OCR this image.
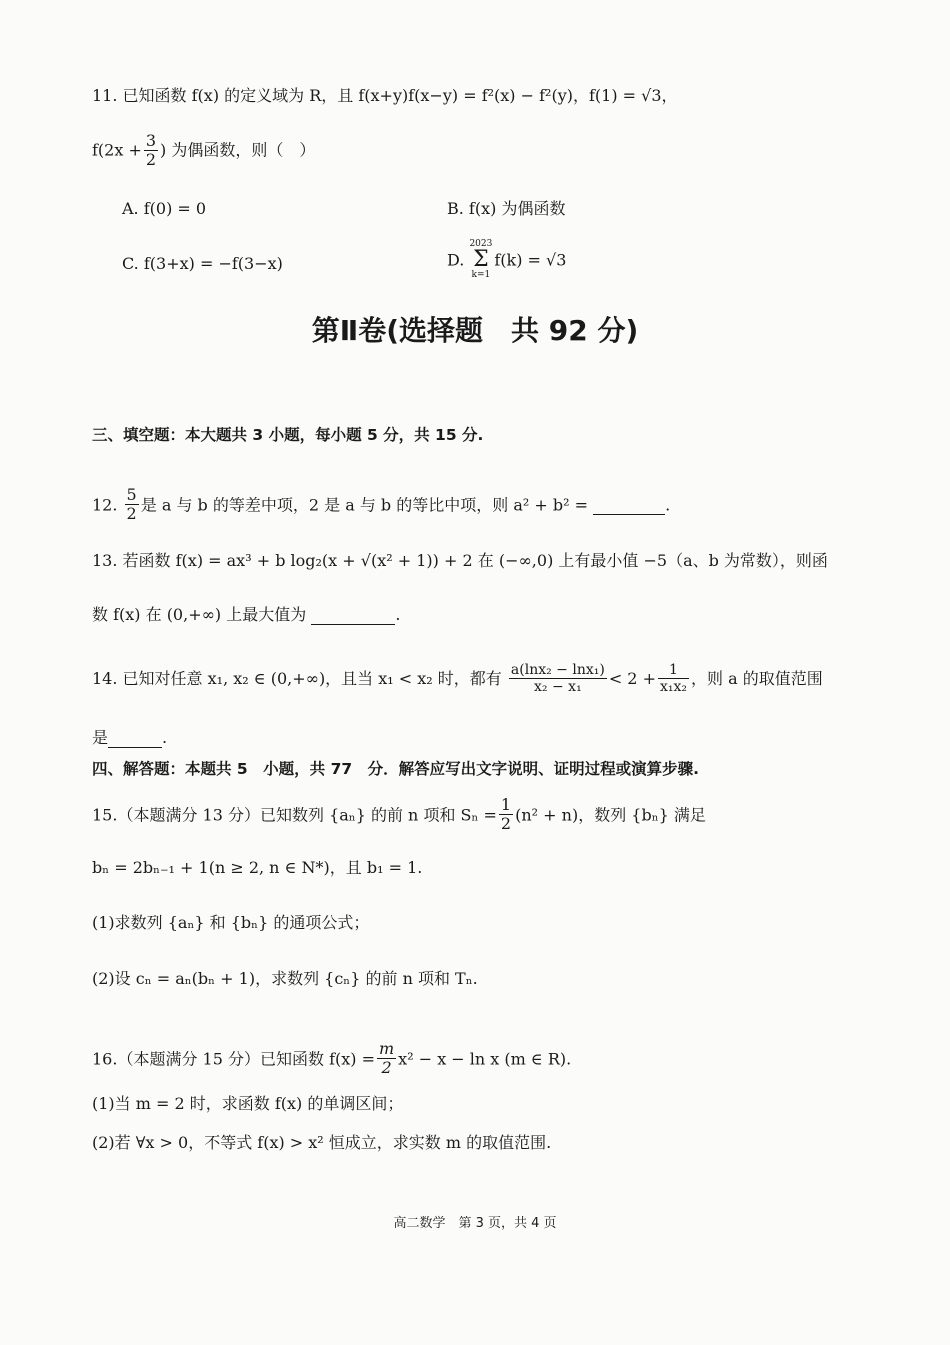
11. 已知函数 f(x) 的定义域为 R，且 f(x+y)f(x−y) = f²(x) − f²(y)，f(1) = √3，
$f(2x + \frac{3}{2}$ ) 为偶函数，则（　）
A. f(0) = 0	B. f(x) 为偶函数
C. f(3+x) = −f(3−x)	D.
2023
Σ
k=1
f(k) = √3
第Ⅱ卷(选择题　共 92 分)
三、填空题：本大题共 3 小题，每小题 5 分，共 15 分.
12. $\frac{5}{2}$ 是 a 与 b 的等差中项，2 是 a 与 b 的等比中项，则 a² + b² =	.
13. 若函数 f(x) = ax³ + b log₂(x + √(x² + 1)) + 2 在 (−∞,0) 上有最小值 −5（a、b 为常数），则函
数 f(x) 在 (0,+∞) 上最大值为	.
14. 已知对任意 x₁, x₂ ∈ (0,+∞)，且当 x₁ < x₂ 时，都有 $\frac{\text{a(lnx₂ − lnx₁)}}{\text{x₂ − x₁}} < 2 + \frac{1}{\text{x₁x₂}}$ ，则 a 的取值范围
是	.
四、解答题：本题共 5　小题，共 77　分．解答应写出文字说明、证明过程或演算步骤.
15.（本题满分 13 分）已知数列 {aₙ} 的前 n 项和 $S_n = \frac{1}{2} (n^2 + n)$，数列 {bₙ} 满足
bₙ = 2bₙ₋₁ + 1(n ≥ 2, n ∈ N*)，且 b₁ = 1.
(1)求数列 {aₙ} 和 {bₙ} 的通项公式；
(2)设 cₙ = aₙ(bₙ + 1)，求数列 {cₙ} 的前 n 项和 Tₙ.
16.（本题满分 15 分）已知函数 $f(x) = \frac{m}{2} x^2 - x - \ln x$ (m ∈ R).
(1)当 m = 2 时，求函数 f(x) 的单调区间；
(2)若 ∀x > 0，不等式 f(x) > x² 恒成立，求实数 m 的取值范围.
高二数学　第 3 页，共 4 页
